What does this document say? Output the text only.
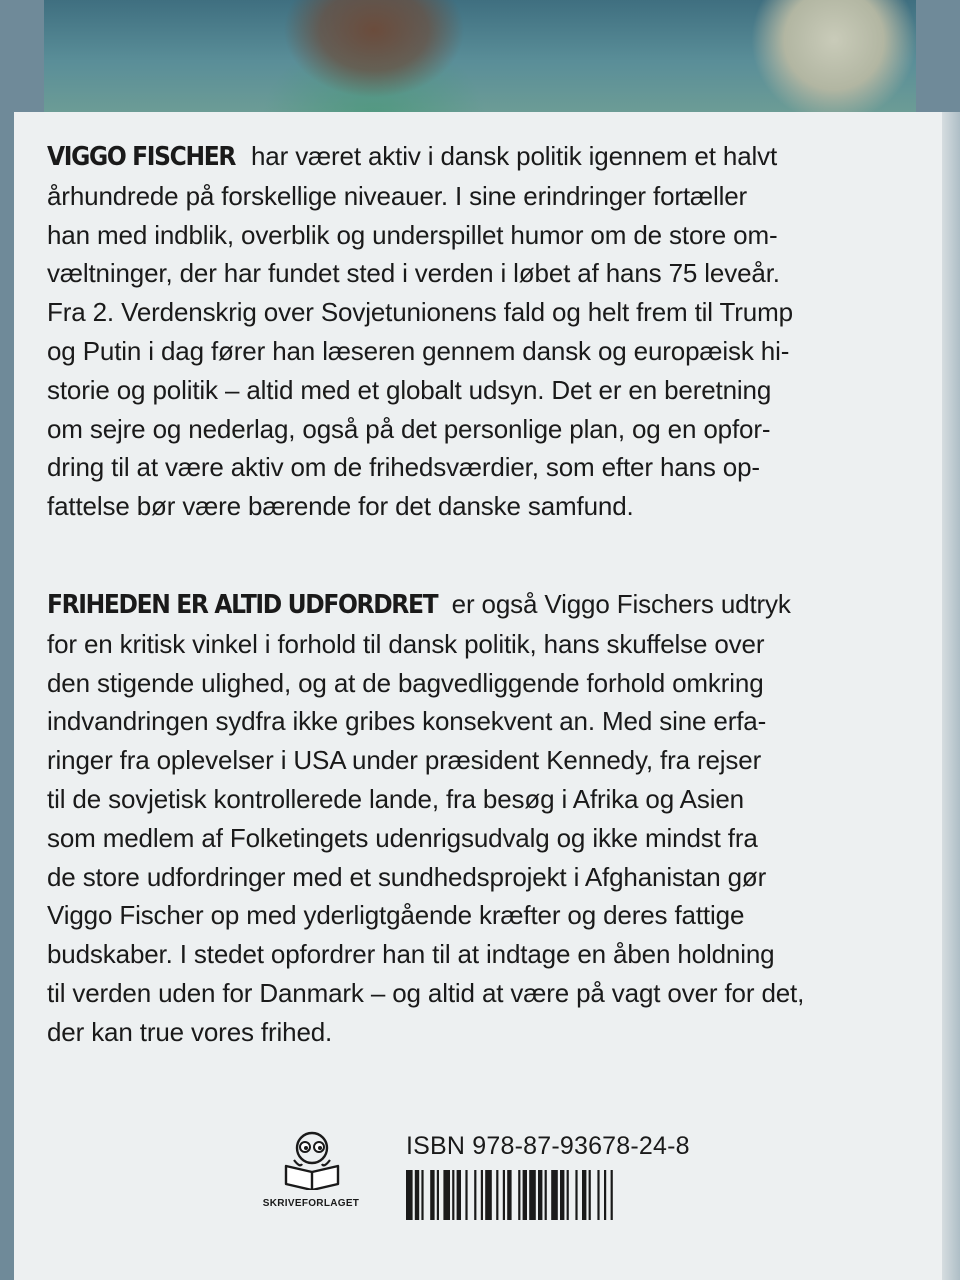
VIGGO FISCHER har været aktiv i dansk politik igennem et halvt
århundrede på forskellige niveauer. I sine erindringer fortæller
han med indblik, overblik og underspillet humor om de store om-
væltninger, der har fundet sted i verden i løbet af hans 75 leveår.
Fra 2. Verdenskrig over Sovjetunionens fald og helt frem til Trump
og Putin i dag fører han læseren gennem dansk og europæisk hi-
storie og politik – altid med et globalt udsyn. Det er en beretning
om sejre og nederlag, også på det personlige plan, og en opfor-
dring til at være aktiv om de frihedsværdier, som efter hans op-
fattelse bør være bærende for det danske samfund.
FRIHEDEN ER ALTID UDFORDRET er også Viggo Fischers udtryk
for en kritisk vinkel i forhold til dansk politik, hans skuffelse over
den stigende ulighed, og at de bagvedliggende forhold omkring
indvandringen sydfra ikke gribes konsekvent an. Med sine erfa-
ringer fra oplevelser i USA under præsident Kennedy, fra rejser
til de sovjetisk kontrollerede lande, fra besøg i Afrika og Asien
som medlem af Folketingets udenrigsudvalg og ikke mindst fra
de store udfordringer med et sundhedsprojekt i Afghanistan gør
Viggo Fischer op med yderligtgående kræfter og deres fattige
budskaber. I stedet opfordrer han til at indtage en åben holdning
til verden uden for Danmark – og altid at være på vagt over for det,
der kan true vores frihed.
SKRIVEFORLAGET
ISBN 978-87-93678-24-8
